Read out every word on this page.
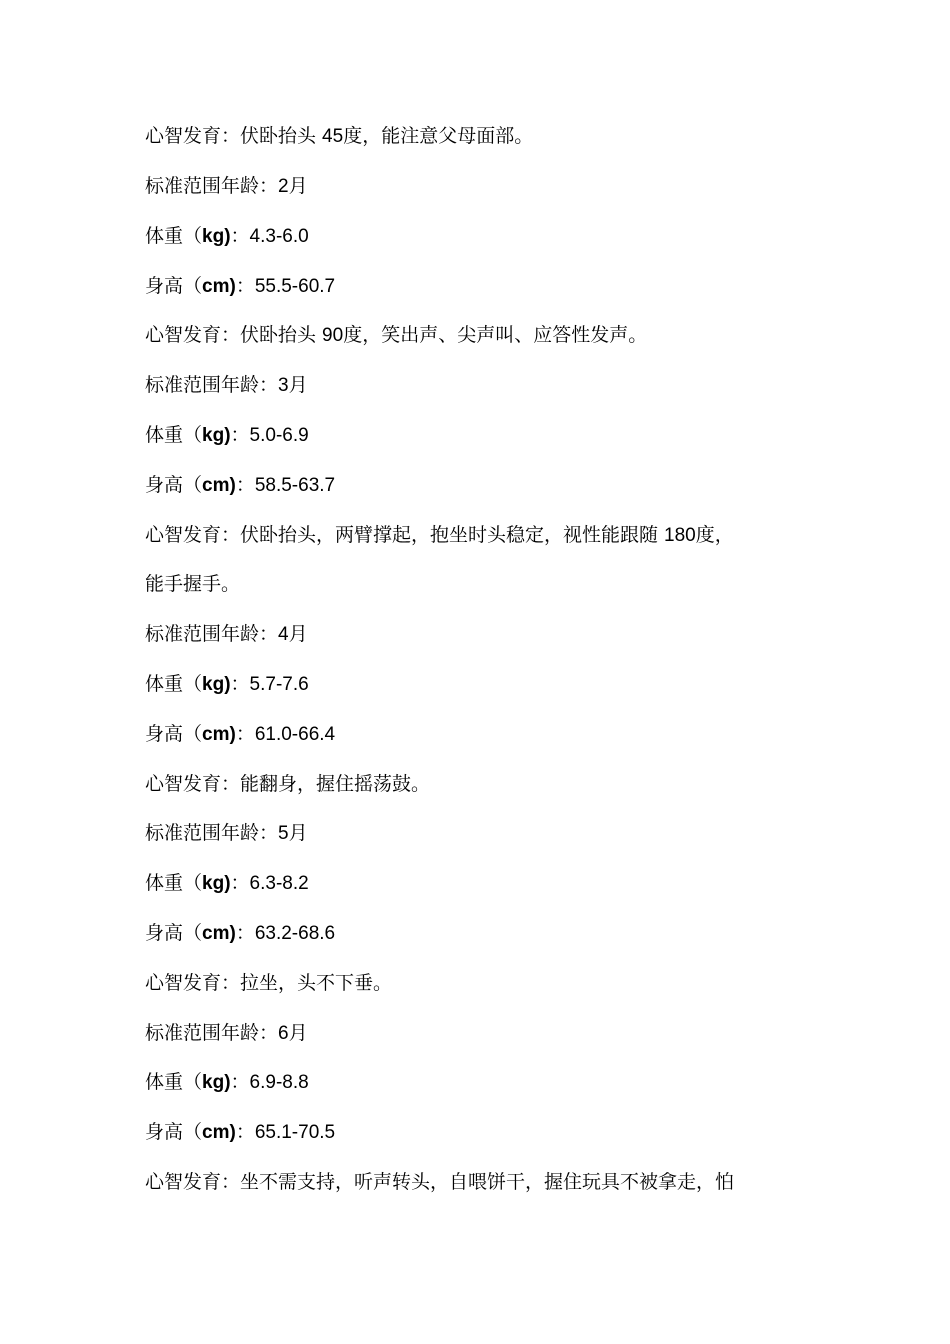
心智发育：伏卧抬头 45度，能注意父母面部。
标准范围年龄：2月
体重（kg)：4.3-6.0
身高（cm)：55.5-60.7
心智发育：伏卧抬头 90度，笑出声、尖声叫、应答性发声。
标准范围年龄：3月
体重（kg)：5.0-6.9
身高（cm)：58.5-63.7
心智发育：伏卧抬头，两臂撑起，抱坐时头稳定，视性能跟随 180度，
能手握手。
标准范围年龄：4月
体重（kg)：5.7-7.6
身高（cm)：61.0-66.4
心智发育：能翻身，握住摇荡鼓。
标准范围年龄：5月
体重（kg)：6.3-8.2
身高（cm)：63.2-68.6
心智发育：拉坐，头不下垂。
标准范围年龄：6月
体重（kg)：6.9-8.8
身高（cm)：65.1-70.5
心智发育：坐不需支持，听声转头，自喂饼干，握住玩具不被拿走，怕
